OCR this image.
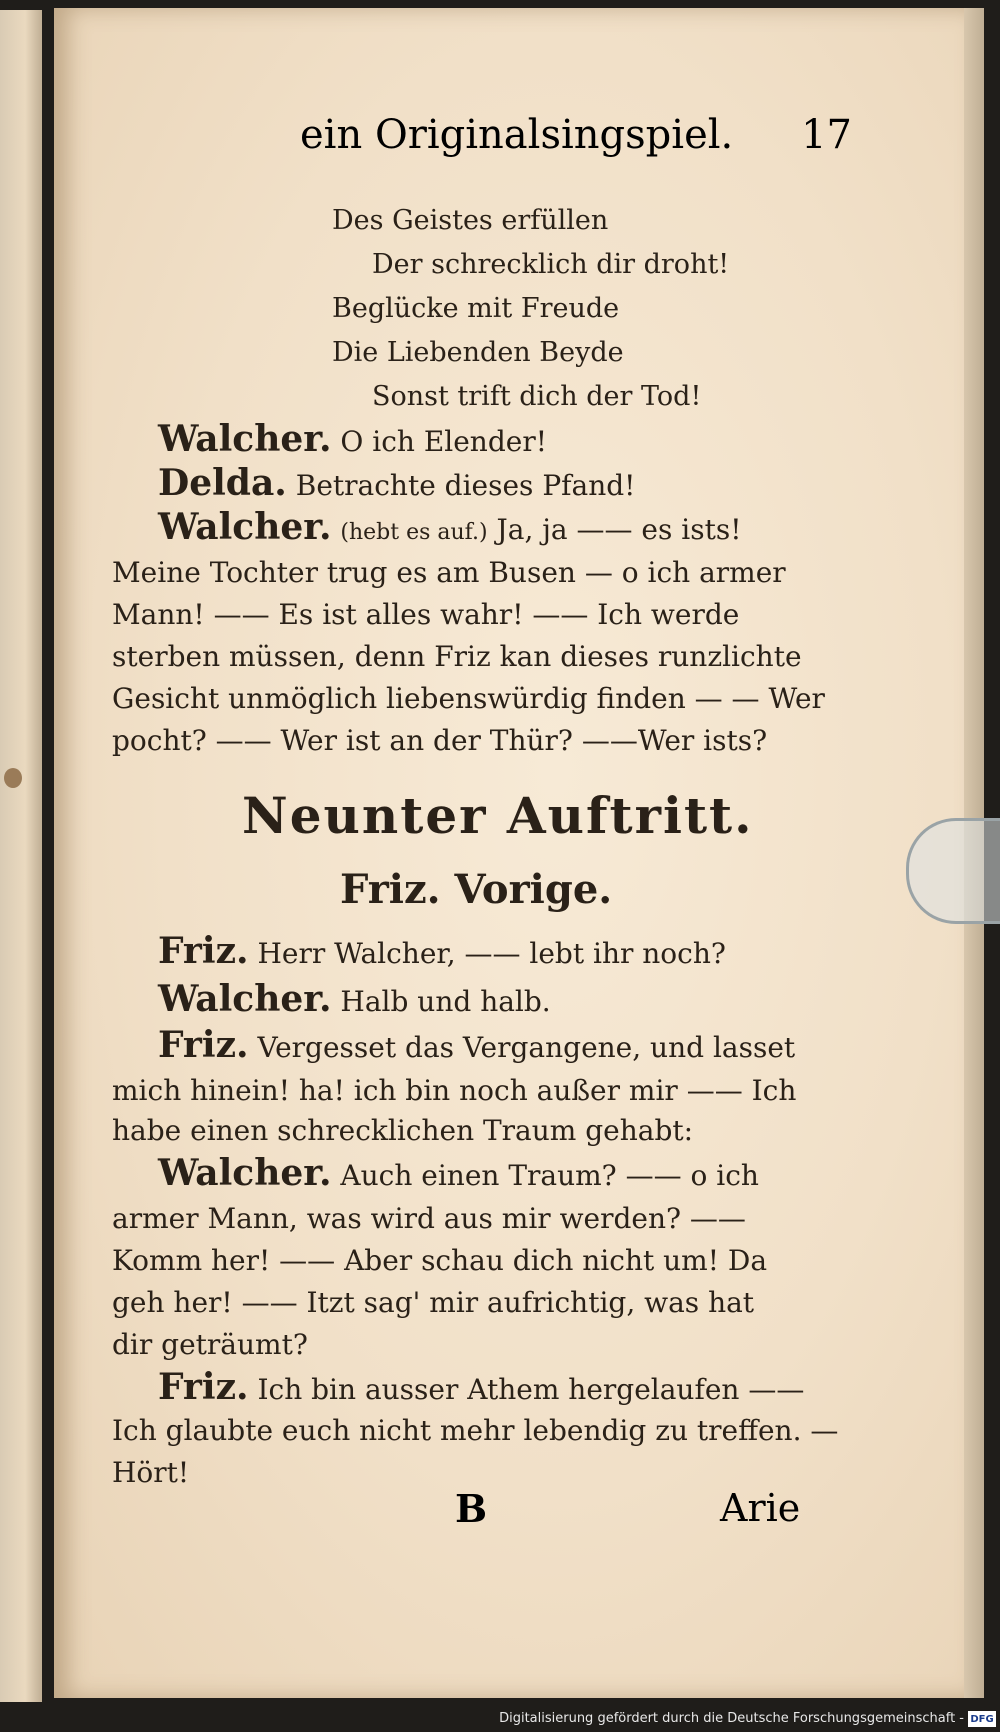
ein Originalsingspiel. 17
Des Geistes erfüllen
Der schrecklich dir droht!
Beglücke mit Freude
Die Liebenden Beyde
Sonst trift dich der Tod!
Walcher. O ich Elender!
Delda. Betrachte dieses Pfand!
Walcher. (hebt es auf.) Ja, ja —— es ists!
Meine Tochter trug es am Busen — o ich armer
Mann! —— Es ist alles wahr! —— Ich werde
sterben müssen, denn Friz kan dieses runzlichte
Gesicht unmöglich liebenswürdig finden — — Wer
pocht? —— Wer ist an der Thür? ——Wer ists?
Neunter Auftritt.
Friz. Vorige.
Friz. Herr Walcher, —— lebt ihr noch?
Walcher. Halb und halb.
Friz. Vergesset das Vergangene, und lasset
mich hinein! ha! ich bin noch außer mir —— Ich
habe einen schrecklichen Traum gehabt:
Walcher. Auch einen Traum? —— o ich
armer Mann, was wird aus mir werden? ——
Komm her! —— Aber schau dich nicht um! Da
geh her! —— Itzt sag' mir aufrichtig, was hat
dir geträumt?
Friz. Ich bin ausser Athem hergelaufen ——
Ich glaubte euch nicht mehr lebendig zu treffen. —
Hört!
B	Arie
Digitalisierung gefördert durch die Deutsche Forschungsgemeinschaft - DFG
